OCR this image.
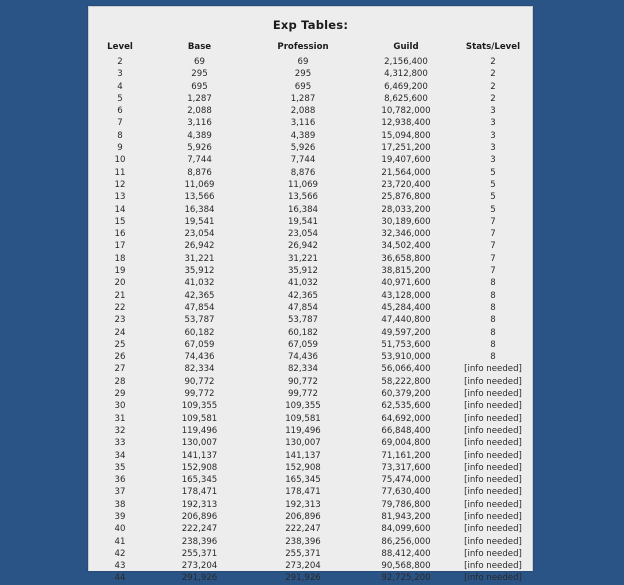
Exp Tables:
Level	Base	Profession	Guild	Stats/Level
2	69	69	2,156,400	2
3	295	295	4,312,800	2
4	695	695	6,469,200	2
5	1,287	1,287	8,625,600	2
6	2,088	2,088	10,782,000	3
7	3,116	3,116	12,938,400	3
8	4,389	4,389	15,094,800	3
9	5,926	5,926	17,251,200	3
10	7,744	7,744	19,407,600	3
11	8,876	8,876	21,564,000	5
12	11,069	11,069	23,720,400	5
13	13,566	13,566	25,876,800	5
14	16,384	16,384	28,033,200	5
15	19,541	19,541	30,189,600	7
16	23,054	23,054	32,346,000	7
17	26,942	26,942	34,502,400	7
18	31,221	31,221	36,658,800	7
19	35,912	35,912	38,815,200	7
20	41,032	41,032	40,971,600	8
21	42,365	42,365	43,128,000	8
22	47,854	47,854	45,284,400	8
23	53,787	53,787	47,440,800	8
24	60,182	60,182	49,597,200	8
25	67,059	67,059	51,753,600	8
26	74,436	74,436	53,910,000	8
27	82,334	82,334	56,066,400	[info needed]
28	90,772	90,772	58,222,800	[info needed]
29	99,772	99,772	60,379,200	[info needed]
30	109,355	109,355	62,535,600	[info needed]
31	109,581	109,581	64,692,000	[info needed]
32	119,496	119,496	66,848,400	[info needed]
33	130,007	130,007	69,004,800	[info needed]
34	141,137	141,137	71,161,200	[info needed]
35	152,908	152,908	73,317,600	[info needed]
36	165,345	165,345	75,474,000	[info needed]
37	178,471	178,471	77,630,400	[info needed]
38	192,313	192,313	79,786,800	[info needed]
39	206,896	206,896	81,943,200	[info needed]
40	222,247	222,247	84,099,600	[info needed]
41	238,396	238,396	86,256,000	[info needed]
42	255,371	255,371	88,412,400	[info needed]
43	273,204	273,204	90,568,800	[info needed]
44	291,926	291,926	92,725,200	[info needed]
